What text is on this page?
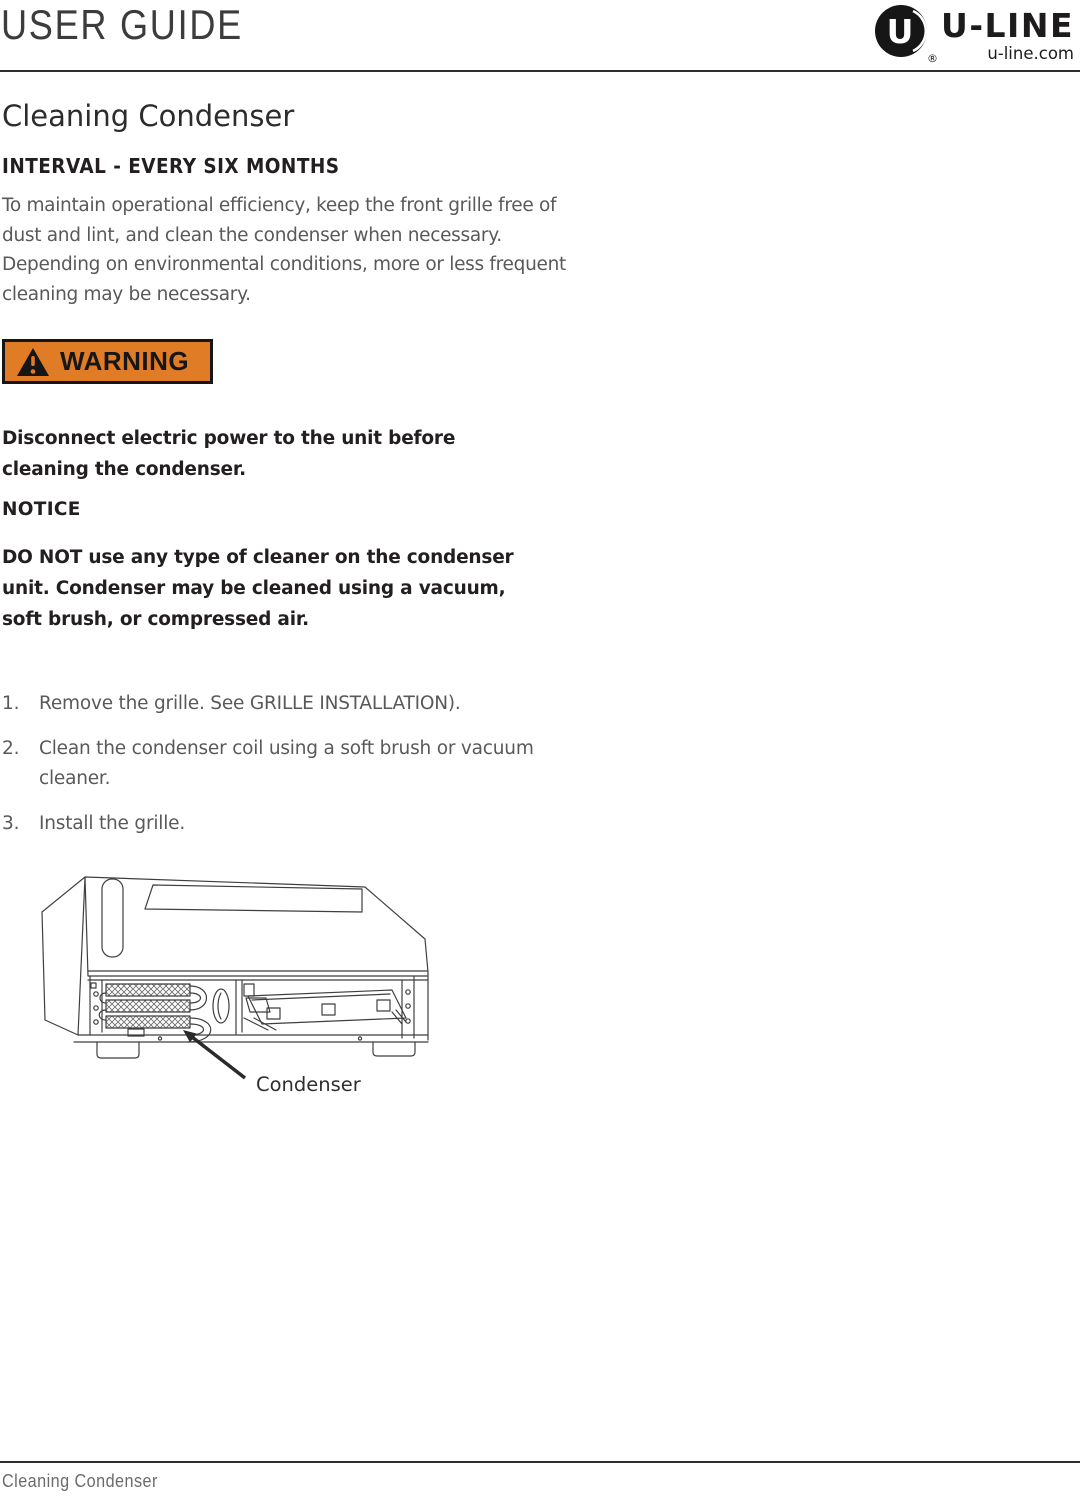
USER GUIDE	U
®
U-LINE
u-line.com
Cleaning Condenser
INTERVAL - EVERY SIX MONTHS

To maintain operational efficiency, keep the front grille free of dust and lint, and clean the condenser when necessary. Depending on environmental conditions, more or less frequent cleaning may be necessary.

WARNING

Disconnect electric power to the unit before cleaning the condenser.

NOTICE

DO NOT use any type of cleaner on the condenser unit. Condenser may be cleaned using a vacuum, soft brush, or compressed air.

Remove the grille. See GRILLE INSTALLATION).
Clean the condenser coil using a soft brush or vacuum cleaner.
Install the grille.
Condenser
Cleaning Condenser
